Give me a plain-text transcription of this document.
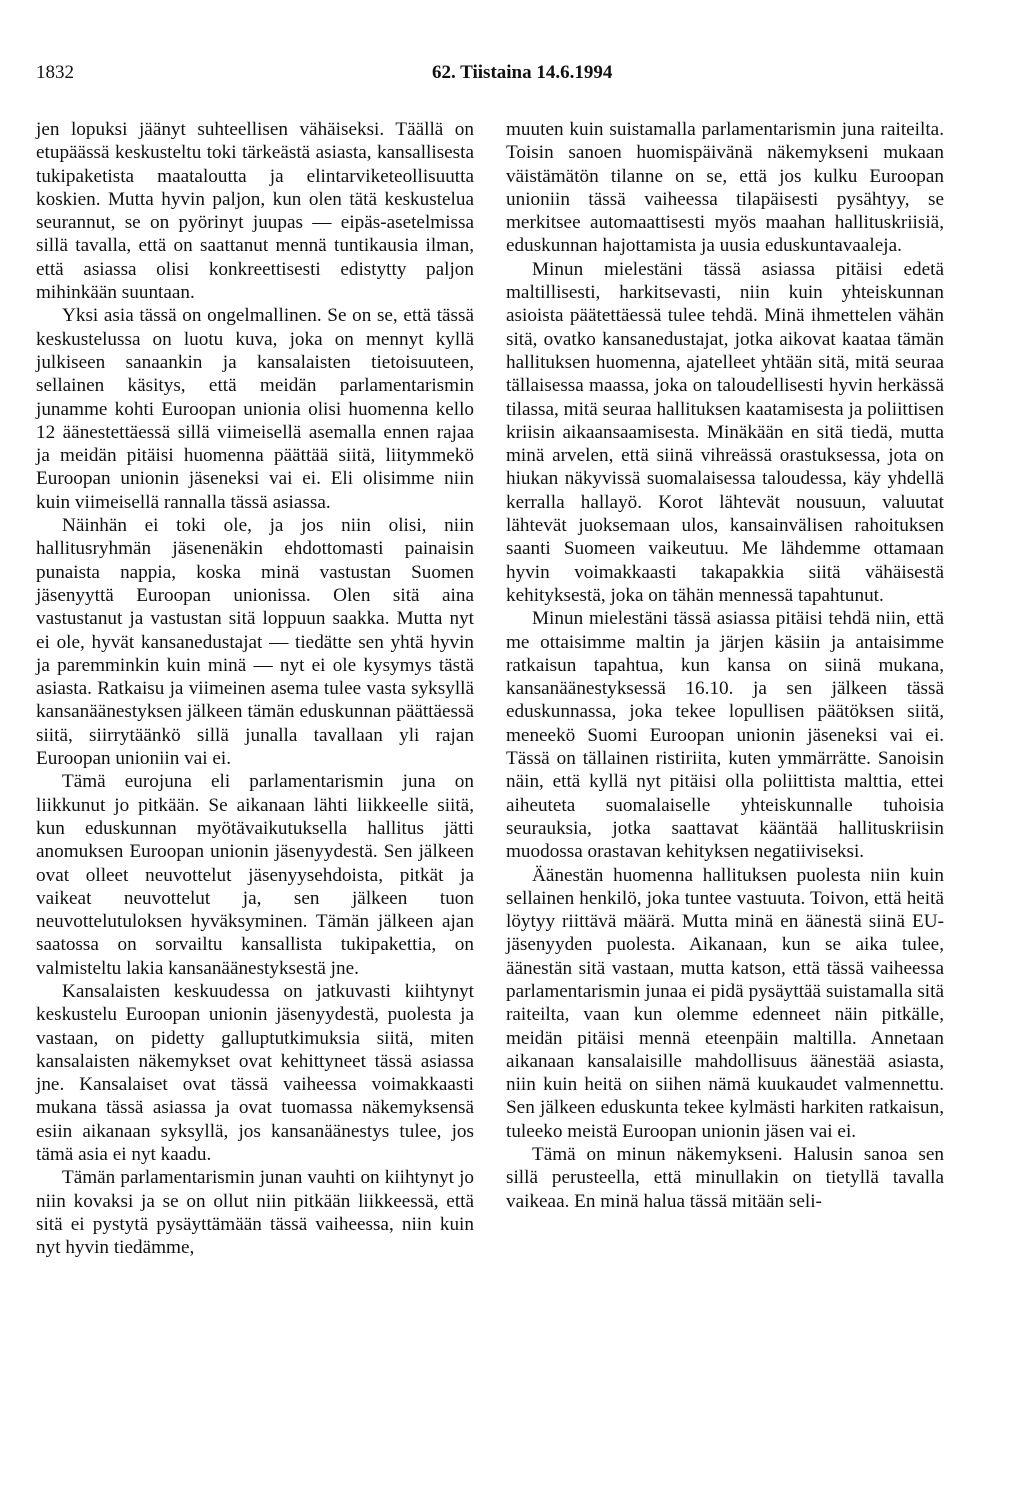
1832	62. Tiistaina 14.6.1994

jen lopuksi jäänyt suhteellisen vähäiseksi. Täällä on etupäässä keskusteltu toki tärkeästä asiasta, kansallisesta tukipaketista maataloutta ja elintarviketeollisuutta koskien. Mutta hyvin paljon, kun olen tätä keskustelua seurannut, se on pyörinyt juupas — eipäs-asetelmissa sillä tavalla, että on saattanut mennä tuntikausia ilman, että asiassa olisi konkreettisesti edistytty paljon mihinkään suuntaan.

Yksi asia tässä on ongelmallinen. Se on se, että tässä keskustelussa on luotu kuva, joka on mennyt kyllä julkiseen sanaankin ja kansalaisten tietoisuuteen, sellainen käsitys, että meidän parlamentarismin junamme kohti Euroopan unionia olisi huomenna kello 12 äänestettäessä sillä viimeisellä asemalla ennen rajaa ja meidän pitäisi huomenna päättää siitä, liitymmekö Euroopan unionin jäseneksi vai ei. Eli olisimme niin kuin viimeisellä rannalla tässä asiassa.

Näinhän ei toki ole, ja jos niin olisi, niin hallitusryhmän jäsenenäkin ehdottomasti painaisin punaista nappia, koska minä vastustan Suomen jäsenyyttä Euroopan unionissa. Olen sitä aina vastustanut ja vastustan sitä loppuun saakka. Mutta nyt ei ole, hyvät kansanedustajat — tiedätte sen yhtä hyvin ja paremminkin kuin minä — nyt ei ole kysymys tästä asiasta. Ratkaisu ja viimeinen asema tulee vasta syksyllä kansanäänestyksen jälkeen tämän eduskunnan päättäessä siitä, siirrytäänkö sillä junalla tavallaan yli rajan Euroopan unioniin vai ei.

Tämä eurojuna eli parlamentarismin juna on liikkunut jo pitkään. Se aikanaan lähti liikkeelle siitä, kun eduskunnan myötävaikutuksella hallitus jätti anomuksen Euroopan unionin jäsenyydestä. Sen jälkeen ovat olleet neuvottelut jäsenyysehdoista, pitkät ja vaikeat neuvottelut ja, sen jälkeen tuon neuvottelutuloksen hyväksyminen. Tämän jälkeen ajan saatossa on sorvailtu kansallista tukipakettia, on valmisteltu lakia kansanäänestyksestä jne.

Kansalaisten keskuudessa on jatkuvasti kiihtynyt keskustelu Euroopan unionin jäsenyydestä, puolesta ja vastaan, on pidetty galluptutkimuksia siitä, miten kansalaisten näkemykset ovat kehittyneet tässä asiassa jne. Kansalaiset ovat tässä vaiheessa voimakkaasti mukana tässä asiassa ja ovat tuomassa näkemyksensä esiin aikanaan syksyllä, jos kansanäänestys tulee, jos tämä asia ei nyt kaadu.

Tämän parlamentarismin junan vauhti on kiihtynyt jo niin kovaksi ja se on ollut niin pitkään liikkeessä, että sitä ei pystytä pysäyttämään tässä vaiheessa, niin kuin nyt hyvin tiedämme,

muuten kuin suistamalla parlamentarismin juna raiteilta. Toisin sanoen huomispäivänä näkemykseni mukaan väistämätön tilanne on se, että jos kulku Euroopan unioniin tässä vaiheessa tilapäisesti pysähtyy, se merkitsee automaattisesti myös maahan hallituskriisiä, eduskunnan hajottamista ja uusia eduskuntavaaleja.

Minun mielestäni tässä asiassa pitäisi edetä maltillisesti, harkitsevasti, niin kuin yhteiskunnan asioista päätettäessä tulee tehdä. Minä ihmettelen vähän sitä, ovatko kansanedustajat, jotka aikovat kaataa tämän hallituksen huomenna, ajatelleet yhtään sitä, mitä seuraa tällaisessa maassa, joka on taloudellisesti hyvin herkässä tilassa, mitä seuraa hallituksen kaatamisesta ja poliittisen kriisin aikaansaamisesta. Minäkään en sitä tiedä, mutta minä arvelen, että siinä vihreässä orastuksessa, jota on hiukan näkyvissä suomalaisessa taloudessa, käy yhdellä kerralla hallayö. Korot lähtevät nousuun, valuutat lähtevät juoksemaan ulos, kansainvälisen rahoituksen saanti Suomeen vaikeutuu. Me lähdemme ottamaan hyvin voimakkaasti takapakkia siitä vähäisestä kehityksestä, joka on tähän mennessä tapahtunut.

Minun mielestäni tässä asiassa pitäisi tehdä niin, että me ottaisimme maltin ja järjen käsiin ja antaisimme ratkaisun tapahtua, kun kansa on siinä mukana, kansanäänestyksessä 16.10. ja sen jälkeen tässä eduskunnassa, joka tekee lopullisen päätöksen siitä, meneekö Suomi Euroopan unionin jäseneksi vai ei. Tässä on tällainen ristiriita, kuten ymmärrätte. Sanoisin näin, että kyllä nyt pitäisi olla poliittista malttia, ettei aiheuteta suomalaiselle yhteiskunnalle tuhoisia seurauksia, jotka saattavat kääntää hallituskriisin muodossa orastavan kehityksen negatiiviseksi.

Äänestän huomenna hallituksen puolesta niin kuin sellainen henkilö, joka tuntee vastuuta. Toivon, että heitä löytyy riittävä määrä. Mutta minä en äänestä siinä EU-jäsenyyden puolesta. Aikanaan, kun se aika tulee, äänestän sitä vastaan, mutta katson, että tässä vaiheessa parlamentarismin junaa ei pidä pysäyttää suistamalla sitä raiteilta, vaan kun olemme edenneet näin pitkälle, meidän pitäisi mennä eteenpäin maltilla. Annetaan aikanaan kansalaisille mahdollisuus äänestää asiasta, niin kuin heitä on siihen nämä kuukaudet valmennettu. Sen jälkeen eduskunta tekee kylmästi harkiten ratkaisun, tuleeko meistä Euroopan unionin jäsen vai ei.

Tämä on minun näkemykseni. Halusin sanoa sen sillä perusteella, että minullakin on tietyllä tavalla vaikeaa. En minä halua tässä mitään seli-
